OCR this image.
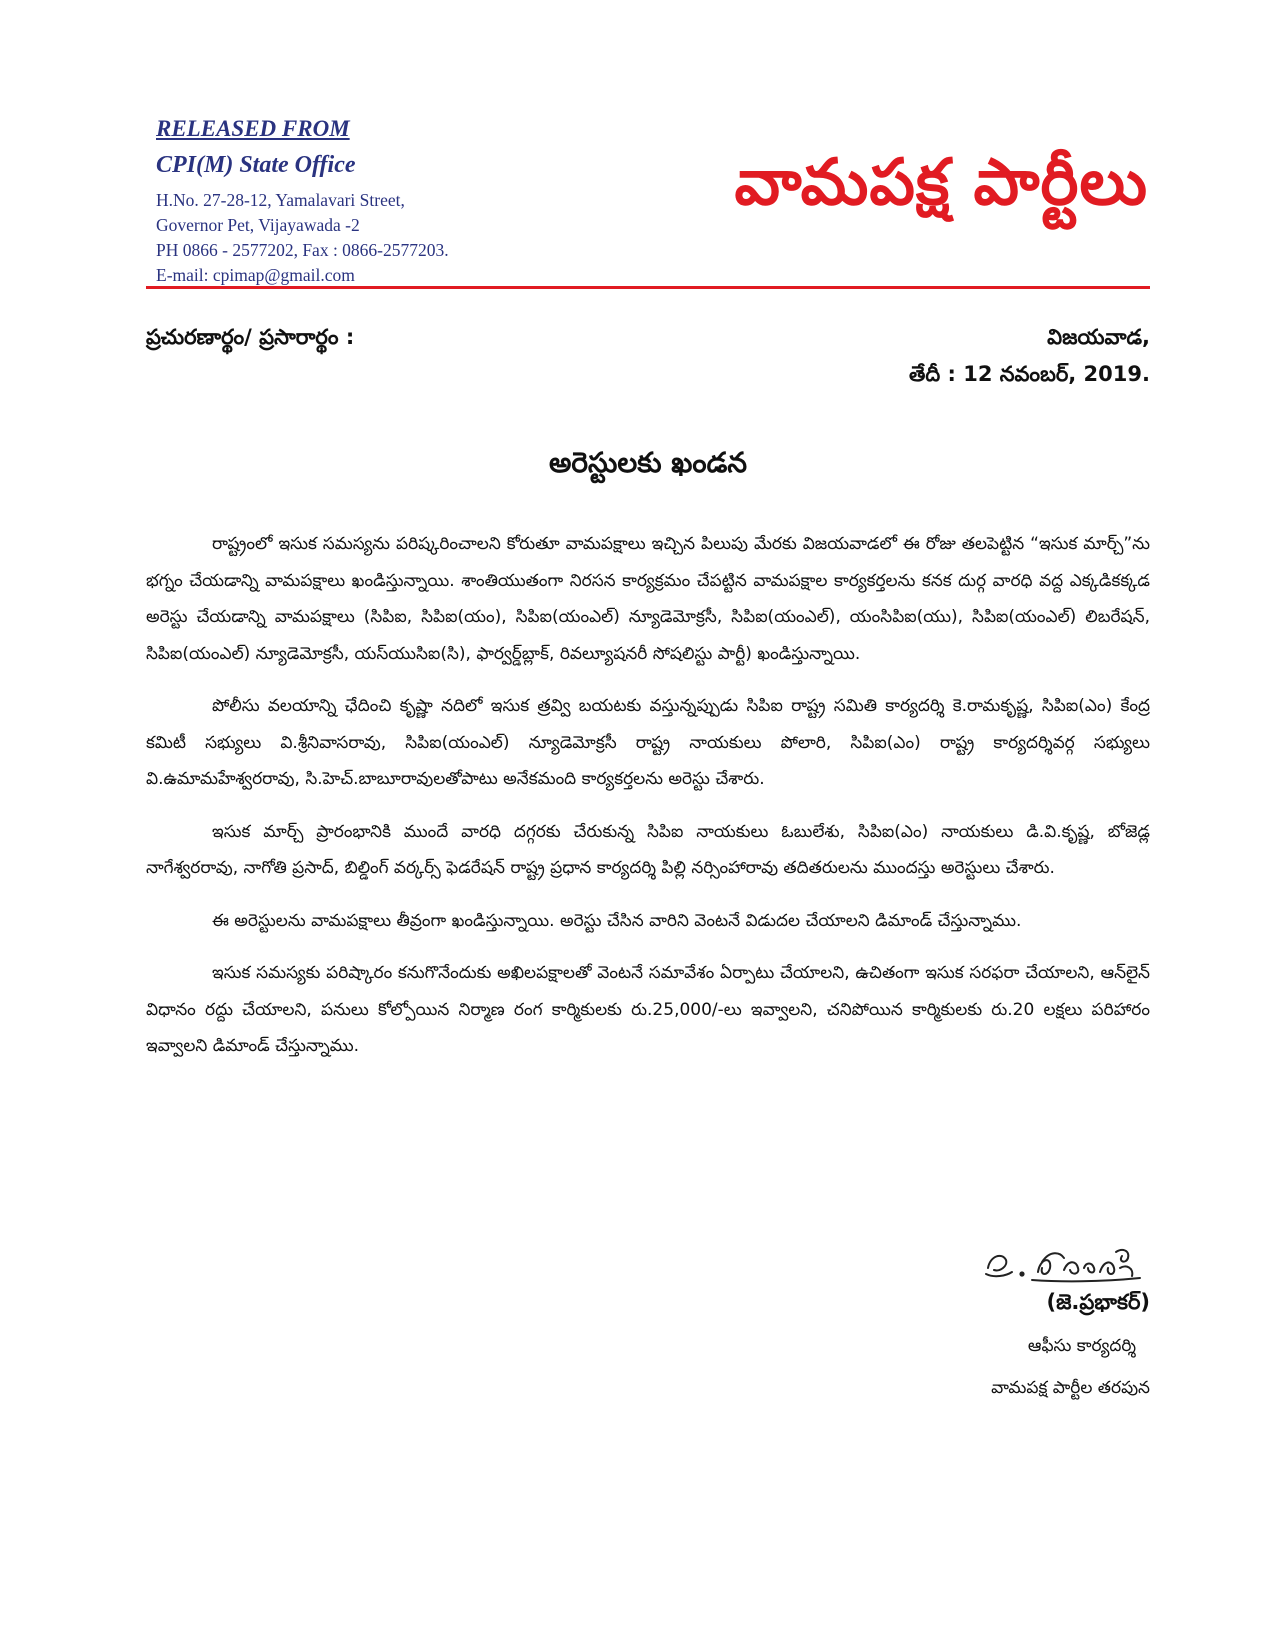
RELEASED FROM
CPI(M) State Office
H.No. 27-28-12, Yamalavari Street,
Governor Pet, Vijayawada -2
PH 0866 - 2577202, Fax : 0866-2577203.
E-mail: cpimap@gmail.com
వామపక్ష పార్టీలు
ప్రచురణార్థం/ ప్రసారార్థం :	విజయవాడ,
తేదీ : 12 నవంబర్, 2019.
అరెస్టులకు ఖండన

రాష్ట్రంలో ఇసుక సమస్యను పరిష్కరించాలని కోరుతూ వామపక్షాలు ఇచ్చిన పిలుపు మేరకు విజయవాడలో ఈ రోజు తలపెట్టిన “ఇసుక మార్చ్”ను భగ్నం చేయడాన్ని వామపక్షాలు ఖండిస్తున్నాయి. శాంతియుతంగా నిరసన కార్యక్రమం చేపట్టిన వామపక్షాల కార్యకర్తలను కనక దుర్గ వారధి వద్ద ఎక్కడికక్కడ అరెస్టు చేయడాన్ని వామపక్షాలు (సిపిఐ, సిపిఐ(యం), సిపిఐ(యంఎల్) న్యూడెమోక్రసీ, సిపిఐ(యంఎల్), యంసిపిఐ(యు), సిపిఐ(యంఎల్) లిబరేషన్, సిపిఐ(యంఎల్) న్యూడెమోక్రసీ, యస్‌యుసిఐ(సి), ఫార్వర్డ్‌బ్లాక్, రివల్యూషనరీ సోషలిస్టు పార్టీ) ఖండిస్తున్నాయి.

పోలీసు వలయాన్ని ఛేదించి కృష్ణా నదిలో ఇసుక త్రవ్వి బయటకు వస్తున్నప్పుడు సిపిఐ రాష్ట్ర సమితి కార్యదర్శి కె.రామకృష్ణ, సిపిఐ(ఎం) కేంద్ర కమిటీ సభ్యులు వి.శ్రీనివాసరావు, సిపిఐ(యంఎల్) న్యూడెమోక్రసీ రాష్ట్ర నాయకులు పోలారి, సిపిఐ(ఎం) రాష్ట్ర కార్యదర్శివర్గ సభ్యులు వి.ఉమామహేశ్వరరావు, సి.హెచ్.బాబూరావులతోపాటు అనేకమంది కార్యకర్తలను అరెస్టు చేశారు.

ఇసుక మార్చ్ ప్రారంభానికి ముందే వారధి దగ్గరకు చేరుకున్న సిపిఐ నాయకులు ఓబులేశు, సిపిఐ(ఎం) నాయకులు డి.వి.కృష్ణ, బోజెడ్ల నాగేశ్వరరావు, నాగోతి ప్రసాద్, బిల్డింగ్ వర్కర్స్ ఫెడరేషన్ రాష్ట్ర ప్రధాన కార్యదర్శి పిల్లి నర్సింహారావు తదితరులను ముందస్తు అరెస్టులు చేశారు.

ఈ అరెస్టులను వామపక్షాలు తీవ్రంగా ఖండిస్తున్నాయి. అరెస్టు చేసిన వారిని వెంటనే విడుదల చేయాలని డిమాండ్ చేస్తున్నాము.

ఇసుక సమస్యకు పరిష్కారం కనుగొనేందుకు అఖిలపక్షాలతో వెంటనే సమావేశం ఏర్పాటు చేయాలని, ఉచితంగా ఇసుక సరఫరా చేయాలని, ఆన్‌లైన్ విధానం రద్దు చేయాలని, పనులు కోల్పోయిన నిర్మాణ రంగ కార్మికులకు రు.25,000/-లు ఇవ్వాలని, చనిపోయిన కార్మికులకు రు.20 లక్షలు పరిహారం ఇవ్వాలని డిమాండ్ చేస్తున్నాము.

(జె.ప్రభాకర్)
ఆఫీసు కార్యదర్శి
వామపక్ష పార్టీల తరపున
